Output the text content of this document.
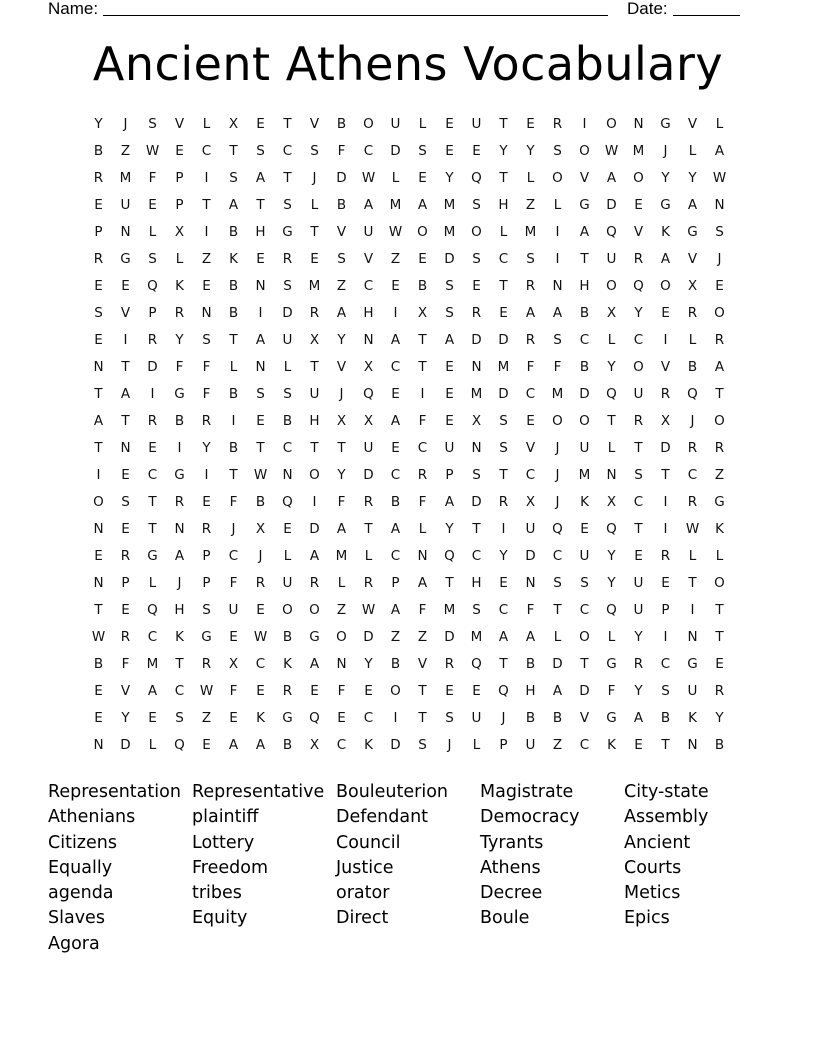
Name:

	Date:

Ancient Athens Vocabulary
Y	J	S	V	L	X	E	T	V	B	O	U	L	E	U	T	E	R	I	O	N	G	V	L
B	Z	W	E	C	T	S	C	S	F	C	D	S	E	E	Y	Y	S	O	W	M	J	L	A
R	M	F	P	I	S	A	T	J	D	W	L	E	Y	Q	T	L	O	V	A	O	Y	Y	W
E	U	E	P	T	A	T	S	L	B	A	M	A	M	S	H	Z	L	G	D	E	G	A	N
P	N	L	X	I	B	H	G	T	V	U	W	O	M	O	L	M	I	A	Q	V	K	G	S
R	G	S	L	Z	K	E	R	E	S	V	Z	E	D	S	C	S	I	T	U	R	A	V	J
E	E	Q	K	E	B	N	S	M	Z	C	E	B	S	E	T	R	N	H	O	Q	O	X	E
S	V	P	R	N	B	I	D	R	A	H	I	X	S	R	E	A	A	B	X	Y	E	R	O
E	I	R	Y	S	T	A	U	X	Y	N	A	T	A	D	D	R	S	C	L	C	I	L	R
N	T	D	F	F	L	N	L	T	V	X	C	T	E	N	M	F	F	B	Y	O	V	B	A
T	A	I	G	F	B	S	S	U	J	Q	E	I	E	M	D	C	M	D	Q	U	R	Q	T
A	T	R	B	R	I	E	B	H	X	X	A	F	E	X	S	E	O	O	T	R	X	J	O
T	N	E	I	Y	B	T	C	T	T	U	E	C	U	N	S	V	J	U	L	T	D	R	R
I	E	C	G	I	T	W	N	O	Y	D	C	R	P	S	T	C	J	M	N	S	T	C	Z
O	S	T	R	E	F	B	Q	I	F	R	B	F	A	D	R	X	J	K	X	C	I	R	G
N	E	T	N	R	J	X	E	D	A	T	A	L	Y	T	I	U	Q	E	Q	T	I	W	K
E	R	G	A	P	C	J	L	A	M	L	C	N	Q	C	Y	D	C	U	Y	E	R	L	L
N	P	L	J	P	F	R	U	R	L	R	P	A	T	H	E	N	S	S	Y	U	E	T	O
T	E	Q	H	S	U	E	O	O	Z	W	A	F	M	S	C	F	T	C	Q	U	P	I	T
W	R	C	K	G	E	W	B	G	O	D	Z	Z	D	M	A	A	L	O	L	Y	I	N	T
B	F	M	T	R	X	C	K	A	N	Y	B	V	R	Q	T	B	D	T	G	R	C	G	E
E	V	A	C	W	F	E	R	E	F	E	O	T	E	E	Q	H	A	D	F	Y	S	U	R
E	Y	E	S	Z	E	K	G	Q	E	C	I	T	S	U	J	B	B	V	G	A	B	K	Y
N	D	L	Q	E	A	A	B	X	C	K	D	S	J	L	P	U	Z	C	K	E	T	N	B
Representation Representative Bouleuterion	Magistrate	City-state
Athenians	plaintiff	Defendant	Democracy	Assembly
Citizens	Lottery	Council	Tyrants	Ancient
Equally	Freedom	Justice	Athens	Courts
agenda	tribes	orator	Decree	Metics
Slaves	Equity	Direct	Boule	Epics
Agora
